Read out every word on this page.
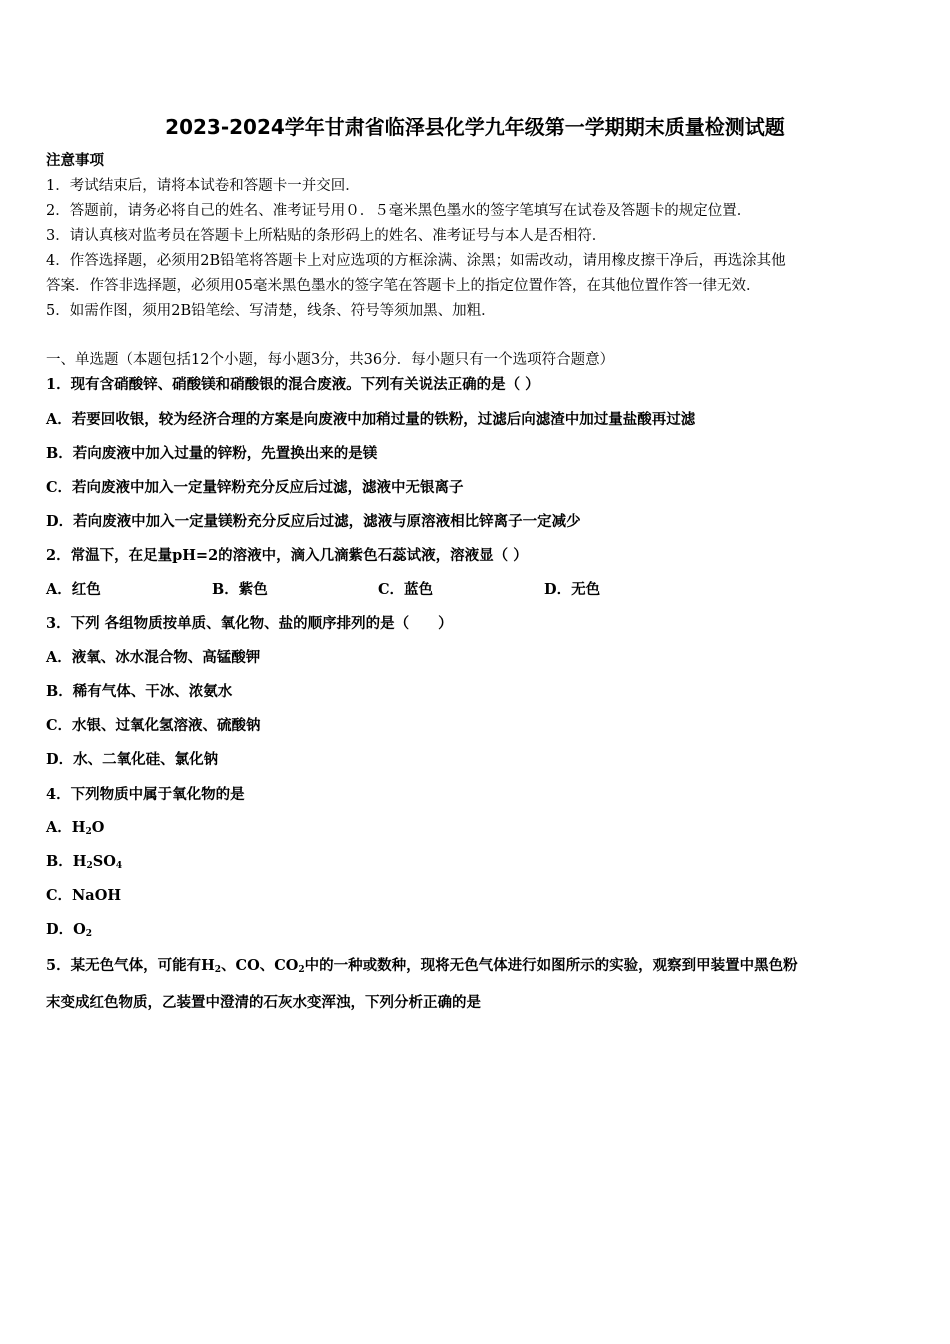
2023-2024学年甘肃省临泽县化学九年级第一学期期末质量检测试题
注意事项
1．考试结束后，请将本试卷和答题卡一并交回．
2．答题前，请务必将自己的姓名、准考证号用０．５毫米黑色墨水的签字笔填写在试卷及答题卡的规定位置．
3．请认真核对监考员在答题卡上所粘贴的条形码上的姓名、准考证号与本人是否相符．
4．作答选择题，必须用2B铅笔将答题卡上对应选项的方框涂满、涂黑；如需改动，请用橡皮擦干净后，再选涂其他
答案．作答非选择题，必须用05毫米黑色墨水的签字笔在答题卡上的指定位置作答，在其他位置作答一律无效．
5．如需作图，须用2B铅笔绘、写清楚，线条、符号等须加黑、加粗．
一、单选题（本题包括12个小题，每小题3分，共36分．每小题只有一个选项符合题意）
1．现有含硝酸锌、硝酸镁和硝酸银的混合废液。下列有关说法正确的是（ ）
A．若要回收银，较为经济合理的方案是向废液中加稍过量的铁粉，过滤后向滤渣中加过量盐酸再过滤
B．若向废液中加入过量的锌粉，先置换出来的是镁
C．若向废液中加入一定量锌粉充分反应后过滤，滤液中无银离子
D．若向废液中加入一定量镁粉充分反应后过滤，滤液与原溶液相比锌离子一定减少
2．常温下，在足量pH=2的溶液中，滴入几滴紫色石蕊试液，溶液显（ ）
A．红色	B．紫色	C．蓝色	D．无色
3．下列 各组物质按单质、氧化物、盐的顺序排列的是（　　）
A．液氧、冰水混合物、高锰酸钾
B．稀有气体、干冰、浓氨水
C．水银、过氧化氢溶液、硫酸钠
D．水、二氧化硅、氯化钠
4．下列物质中属于氧化物的是
A．$H_2O$
B．$H_2SO_4$
C．NaOH
D．$O_2$
5．某无色气体，可能有$H_2$、CO、$CO_2$中的一种或数种，现将无色气体进行如图所示的实验，观察到甲装置中黑色粉
末变成红色物质，乙装置中澄清的石灰水变浑浊，下列分析正确的是
